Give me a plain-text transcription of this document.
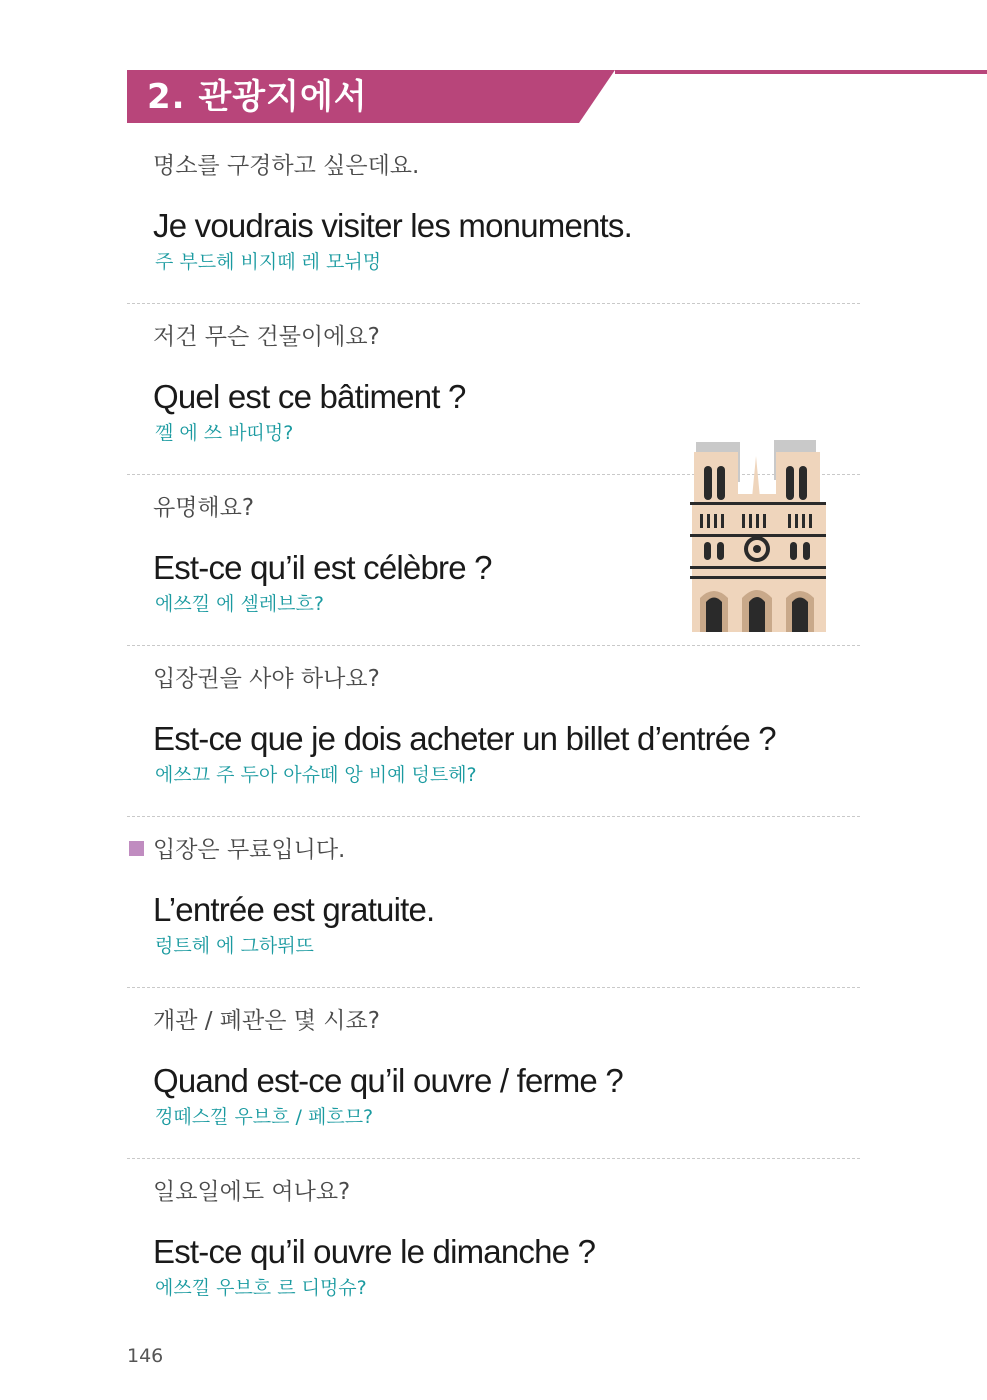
2. 관광지에서
명소를 구경하고 싶은데요.
Je voudrais visiter les monuments.
주 부드헤 비지떼 레 모뉘멍
저건 무슨 건물이에요?
Quel est ce bâtiment ?
껠 에 쓰 바띠멍?
유명해요?
Est-ce qu’il est célèbre ?
에쓰낄 에 셀레브흐?
입장권을 사야 하나요?
Est-ce que je dois acheter un billet d’entrée ?
에쓰끄 주 두아 아슈떼 앙 비예 덩트헤?
입장은 무료입니다.
L’entrée est gratuite.
렁트헤 에 그하뛰뜨
개관 / 폐관은 몇 시죠?
Quand est-ce qu’il ouvre / ferme ?
껑떼스낄 우브흐 / 페흐므?
일요일에도 여나요?
Est-ce qu’il ouvre le dimanche ?
에쓰낄 우브흐 르 디멍슈?
146
